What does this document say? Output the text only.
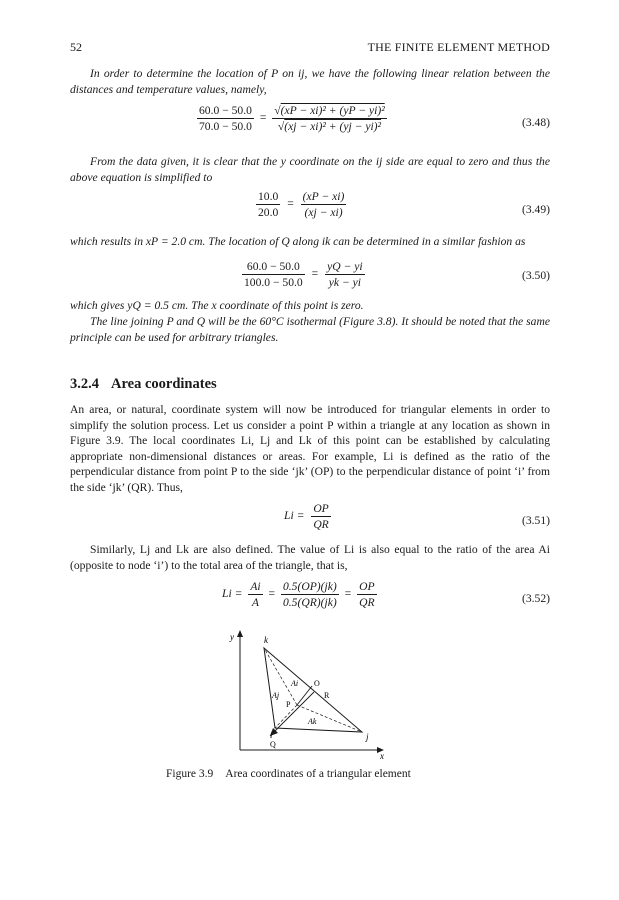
52	THE FINITE ELEMENT METHOD

In order to determine the location of P on ij, we have the following linear relation between the distances and temperature values, namely,

$\frac{60.0 - 50.0}{70.0 - 50.0} = \frac{\text{√(xP − xi)² + (yP − yi)²}}{\text{√(xj − xi)² + (yj − yi)²}}$	(3.48)

From the data given, it is clear that the y coordinate on the ij side are equal to zero and thus the above equation is simplified to

$\frac{10.0}{20.0} = \frac{(xP - xi)}{(xj - xi)}$	(3.49)

which results in xP = 2.0 cm. The location of Q along ik can be determined in a similar fashion as

$\frac{60.0 - 50.0}{100.0 - 50.0} = \frac{yQ - yi}{yk - yi}$	(3.50)

which gives yQ = 0.5 cm. The x coordinate of this point is zero.

The line joining P and Q will be the 60°C isothermal (Figure 3.8). It should be noted that the same principle can be used for arbitrary triangles.

3.2.4 Area coordinates

An area, or natural, coordinate system will now be introduced for triangular elements in order to simplify the solution process. Let us consider a point P within a triangle at any location as shown in Figure 3.9. The local coordinates Li, Lj and Lk of this point can be established by calculating appropriate non-dimensional distances or areas. For example, Li is defined as the ratio of the perpendicular distance from point P to the side ‘jk’ (OP) to the perpendicular distance of point ‘i’ from the side ‘jk’ (QR). Thus,

$Li = \frac{OP}{QR}$	(3.51)

Similarly, Lj and Lk are also defined. The value of Li is also equal to the ratio of the area Ai (opposite to node ‘i’) to the total area of the triangle, that is,

$Li = \frac{Ai}{A} = \frac{0.5(OP)(jk)}{0.5(QR)(jk)} = \frac{OP}{QR}$	(3.52)
y
x
k
i	j
Q
P
O
R
Ai
Aj
Ak
Figure 3.9 Area coordinates of a triangular element
